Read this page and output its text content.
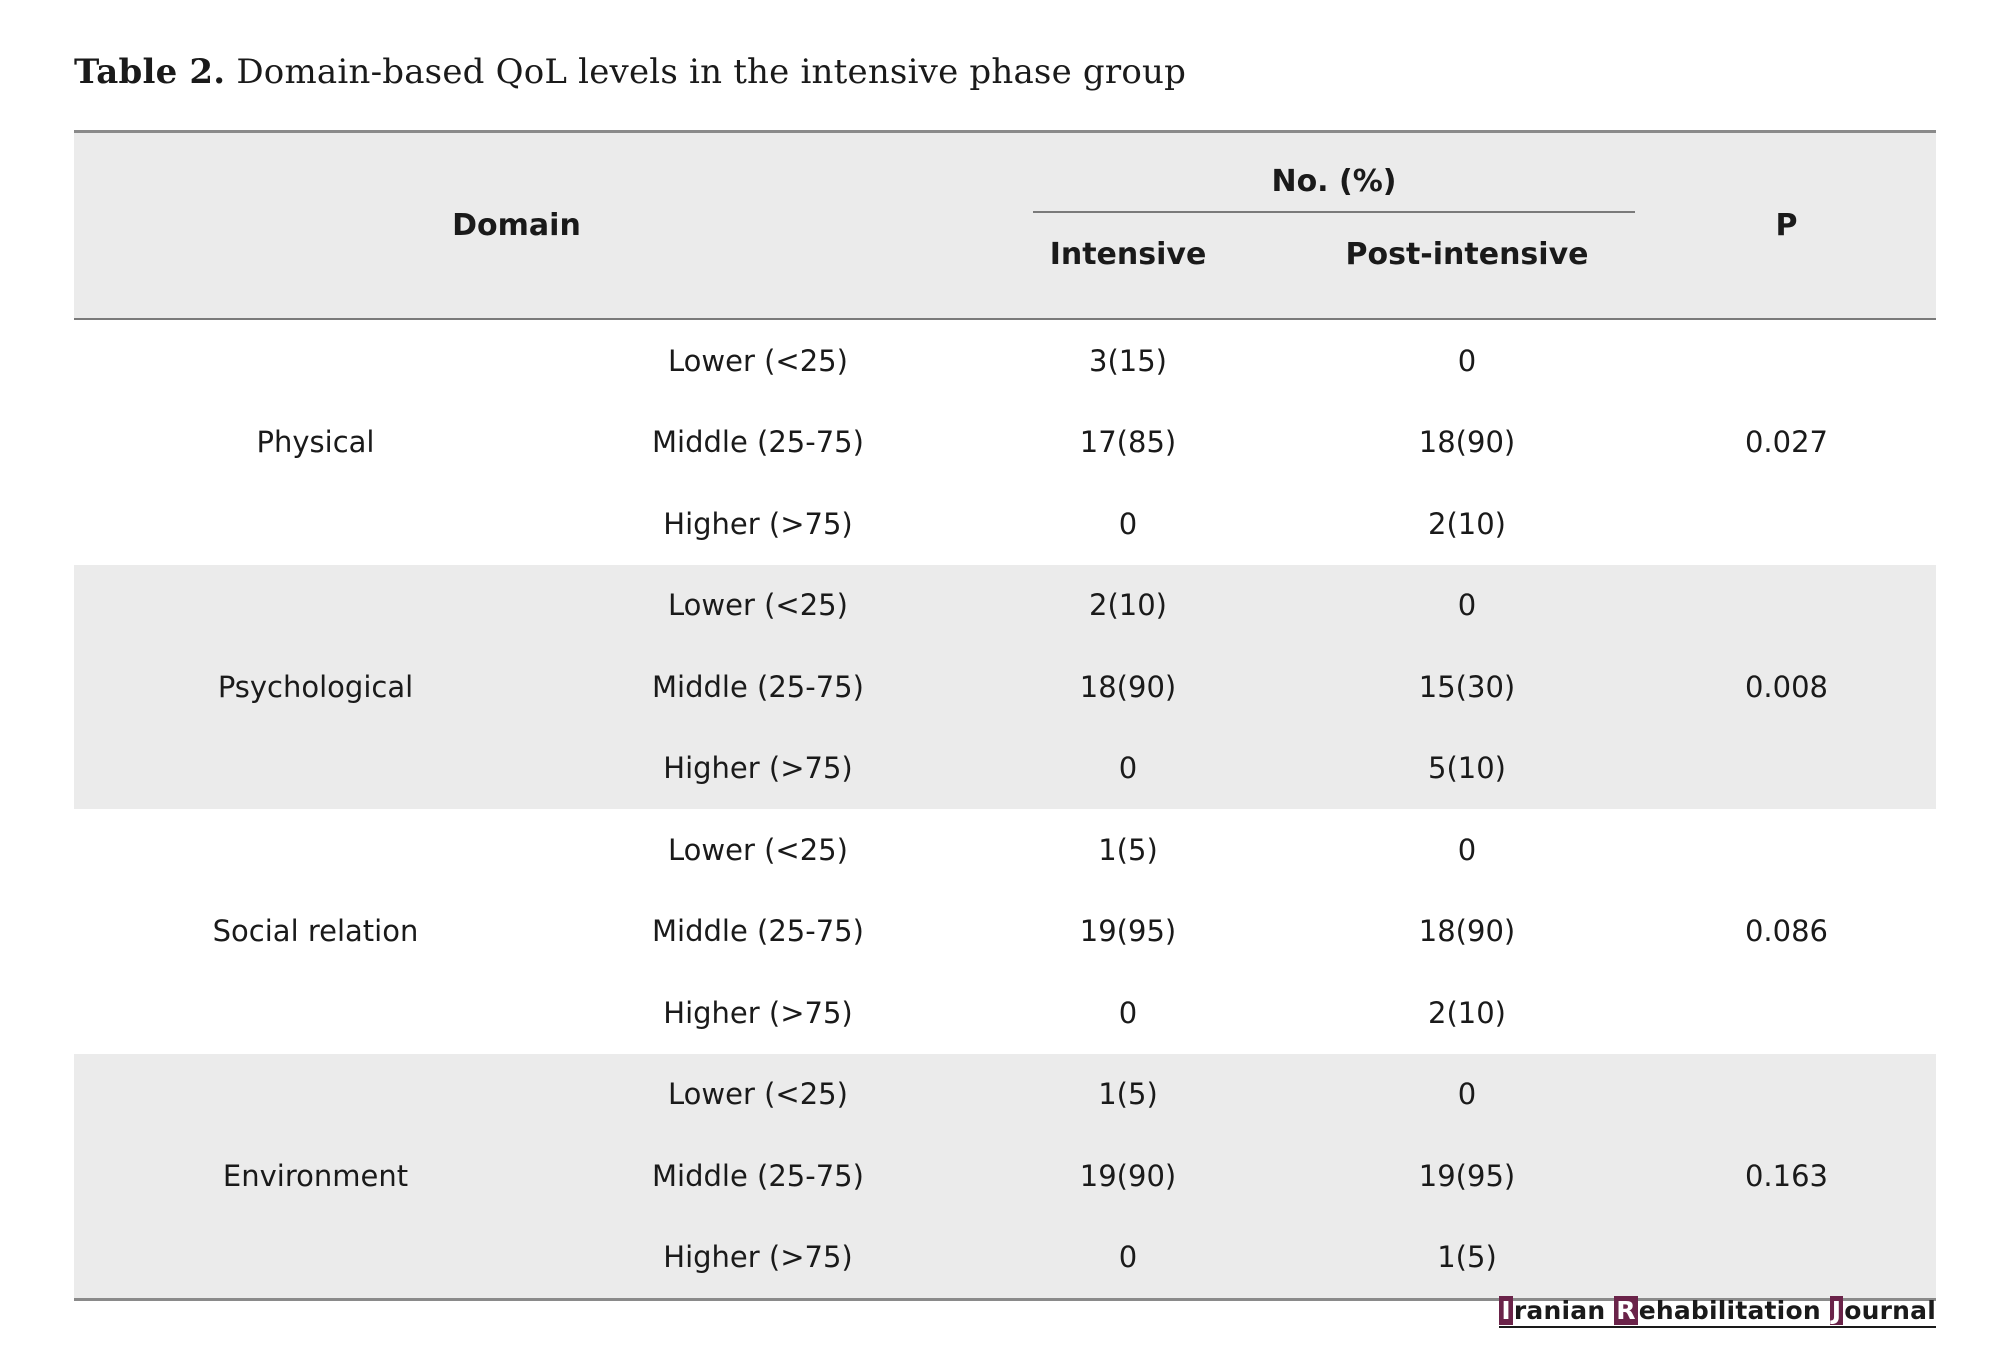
Table 2. Domain-based QoL levels in the intensive phase group
Domain		No. (%)		P
		Intensive	Post-intensive	
Physical	Lower (<25)	3(15)	0	0.027
	Middle (25-75)	17(85)	18(90)	
	Higher (>75)	0	2(10)	
Psychological	Lower (<25)	2(10)	0	0.008
	Middle (25-75)	18(90)	15(30)	
	Higher (>75)	0	5(10)	
Social relation	Lower (<25)	1(5)	0	0.086
	Middle (25-75)	19(95)	18(90)	
	Higher (>75)	0	2(10)	
Environment	Lower (<25)	1(5)	0	0.163
	Middle (25-75)	19(90)	19(95)	
	Higher (>75)	0	1(5)	
I ranian R ehabilitation J ournal
